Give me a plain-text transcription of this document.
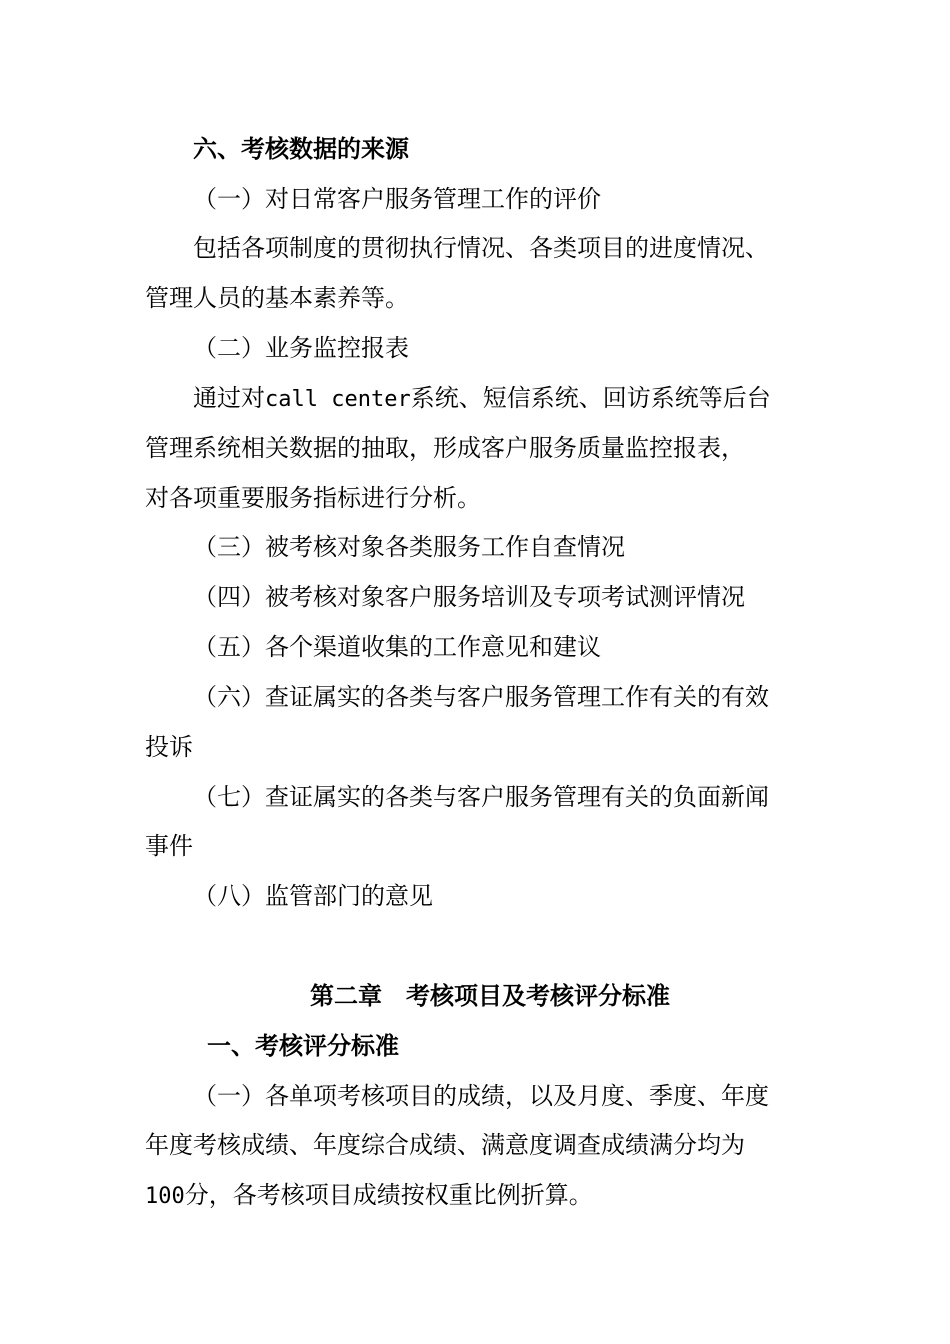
六、考核数据的来源
（一）对日常客户服务管理工作的评价
包括各项制度的贯彻执行情况、各类项目的进度情况、
管理人员的基本素养等。
（二）业务监控报表
通过对call center系统、短信系统、回访系统等后台
管理系统相关数据的抽取，形成客户服务质量监控报表，
对各项重要服务指标进行分析。
（三）被考核对象各类服务工作自查情况
（四）被考核对象客户服务培训及专项考试测评情况
（五）各个渠道收集的工作意见和建议
（六）查证属实的各类与客户服务管理工作有关的有效
投诉
（七）查证属实的各类与客户服务管理有关的负面新闻
事件
（八）监管部门的意见
第二章　考核项目及考核评分标准
一、考核评分标准
（一）各单项考核项目的成绩，以及月度、季度、年度
年度考核成绩、年度综合成绩、满意度调查成绩满分均为
100分，各考核项目成绩按权重比例折算。
